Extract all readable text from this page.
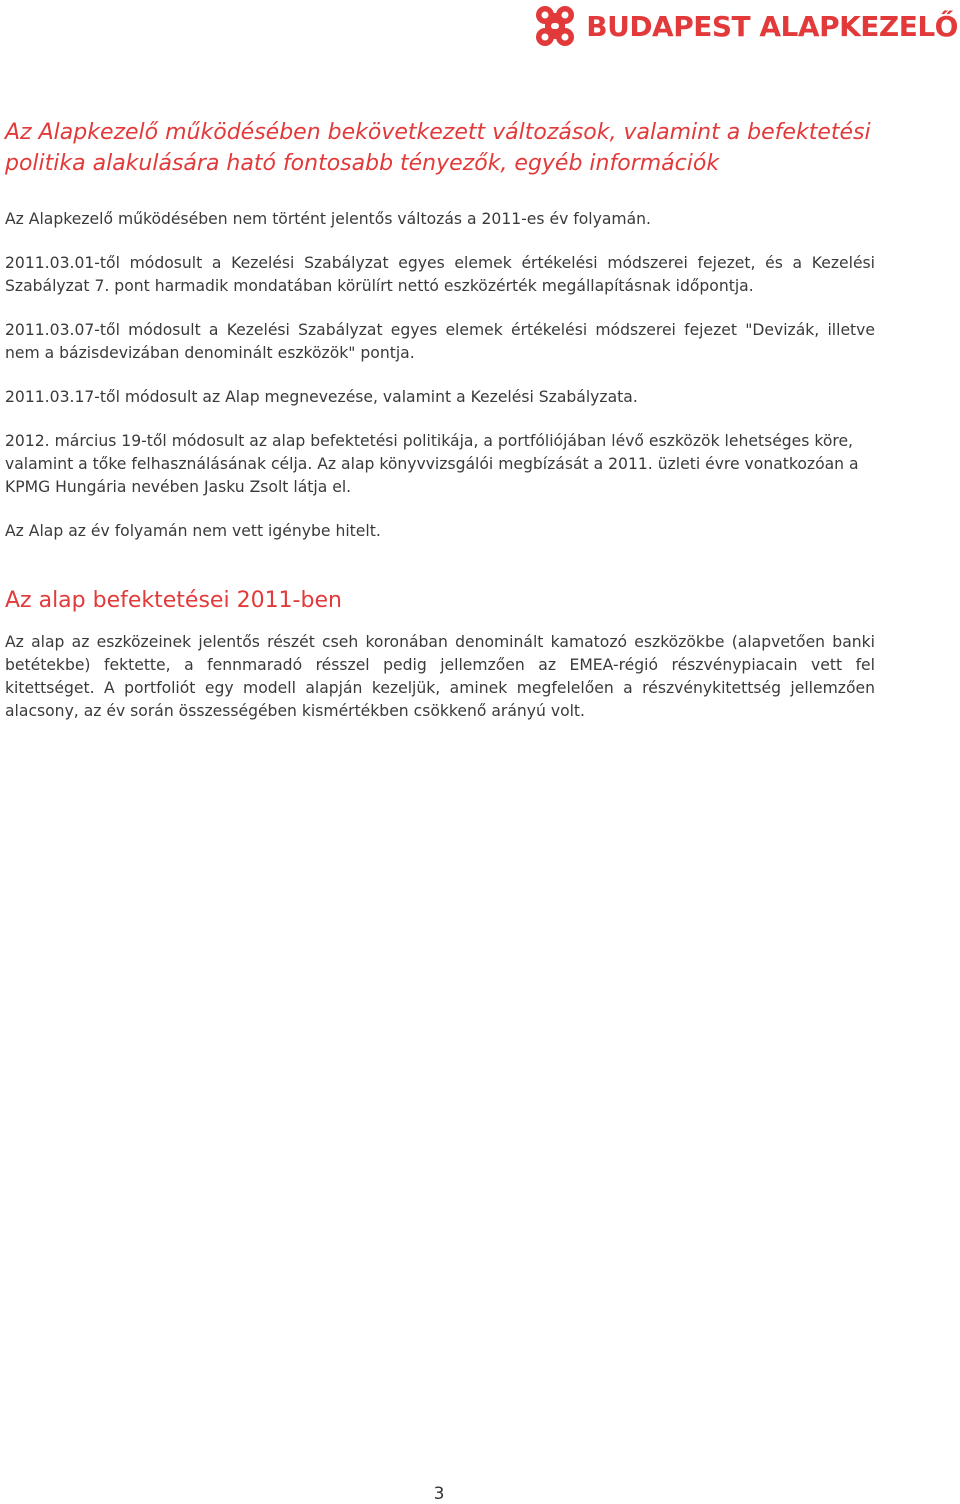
BUDAPEST ALAPKEZELŐ
Az Alapkezelő működésében bekövetkezett változások, valamint a befektetési politika alakulására ható fontosabb tényezők, egyéb információk

Az Alapkezelő működésében nem történt jelentős változás a 2011-es év folyamán.

2011.03.01-től módosult a Kezelési Szabályzat egyes elemek értékelési módszerei fejezet, és a Kezelési Szabályzat 7. pont harmadik mondatában körülírt nettó eszközérték megállapításnak időpontja.

2011.03.07-től módosult a Kezelési Szabályzat egyes elemek értékelési módszerei fejezet "Devizák, illetve nem a bázisdevizában denominált eszközök" pontja.

2011.03.17-től módosult az Alap megnevezése, valamint a Kezelési Szabályzata.

2012. március 19-től módosult az alap befektetési politikája, a portfóliójában lévő eszközök lehetséges köre, valamint a tőke felhasználásának célja. Az alap könyvvizsgálói megbízását a 2011. üzleti évre vonatkozóan a KPMG Hungária nevében Jasku Zsolt látja el.

Az Alap az év folyamán nem vett igénybe hitelt.

Az alap befektetései 2011-ben

Az alap az eszközeinek jelentős részét cseh koronában denominált kamatozó eszközökbe (alapvetően banki betétekbe) fektette, a fennmaradó résszel pedig jellemzően az EMEA-régió részvénypiacain vett fel kitettséget. A portfoliót egy modell alapján kezeljük, aminek megfelelően a részvénykitettség jellemzően alacsony, az év során összességében kismértékben csökkenő arányú volt.

3
